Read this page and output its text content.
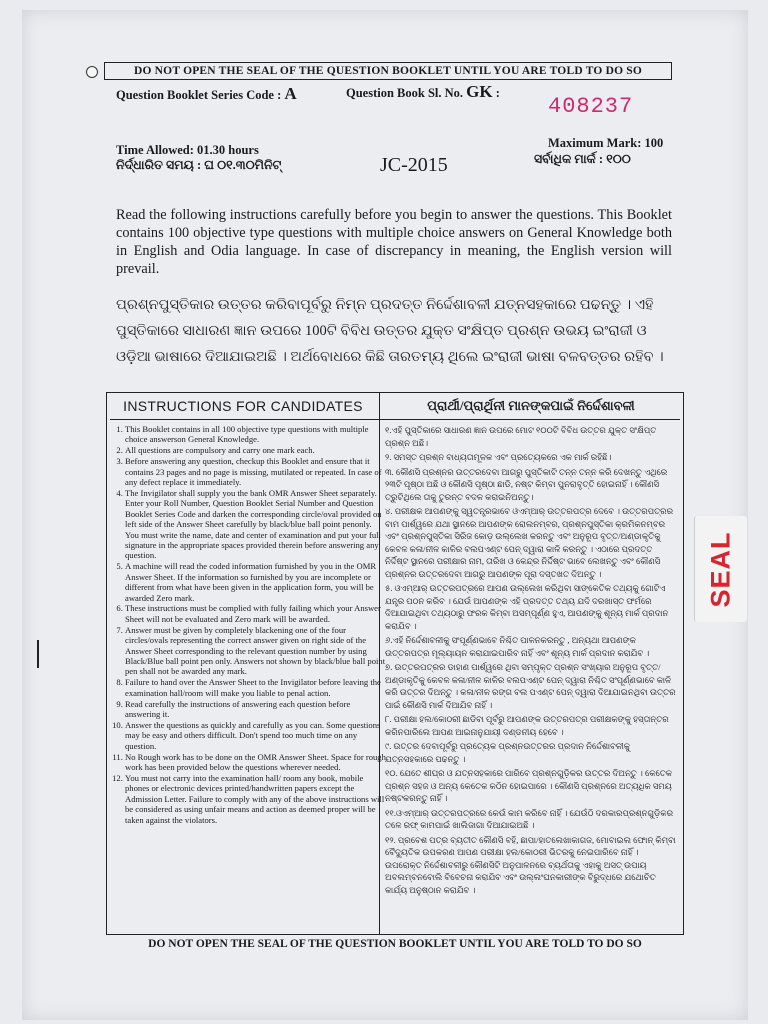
DO NOT OPEN THE SEAL OF THE QUESTION BOOKLET UNTIL YOU ARE TOLD TO DO SO
Question Booklet Series Code : A	Question Book Sl. No. GK :
408237
Time Allowed: 01.30 hours
ନିର୍ଦ୍ଧାରିତ ସମୟ : ଘ ୦୧.୩୦ମିନିଟ୍	JC-2015
Maximum Mark: 100
ସର୍ବାଧିକ ମାର୍କ : ୧୦୦

Read the following instructions carefully before you begin to answer the questions. This Booklet contains 100 objective type questions with multiple choice answers on General Knowledge both in English and Odia language. In case of discrepancy in meaning, the English version will prevail.

ପ୍ରଶ୍ନପୁସ୍ତିକାର ଉତ୍ତର କରିବାପୂର୍ବରୁ ନିମ୍ନ ପ୍ରଦତ୍ତ ନିର୍ଦ୍ଦେଶାବଳୀ ଯତ୍ନସହକାରେ ପଢନ୍ତୁ । ଏହି ପୁସ୍ତିକାରେ ସାଧାରଣ ଜ୍ଞାନ ଉପରେ 100ଟି ବିବିଧ ଉତ୍ତର ଯୁକ୍ତ ସଂକ୍ଷିପ୍ତ ପ୍ରଶ୍ନ ଉଭୟ ଇଂରାଜୀ ଓ ଓଡ଼ିଆ ଭାଷାରେ ଦିଆଯାଇଅଛି । ଅର୍ଥବୋଧରେ କିଛି ତାରତମ୍ୟ ଥିଲେ ଇଂରାଜୀ ଭାଷା ବଳବତ୍ତର ରହିବ ।

INSTRUCTIONS FOR CANDIDATES	ପ୍ରାର୍ଥୀ/ପ୍ରାର୍ଥିନୀ ମାନଙ୍କପାଇଁ ନିର୍ଦ୍ଦେଶାବଳୀ
1. This Booklet contains in all 100 objective type questions with multiple choice answerson General Knowledge.
2. All questions are compulsory and carry one mark each.
3. Before answering any question, checkup this Booklet and ensure that it contains 23 pages and no page is missing, mutilated or repeated. In case of any defect replace it immediately.
4. The Invigilator shall supply you the bank OMR Answer Sheet separately. Enter your Roll Number, Question Booklet Serial Number and Question Booklet Series Code and darken the corresponding circle/oval provided on left side of the Answer Sheet carefully by black/blue ball point penonly. You must write the name, date and center of examination and put your full signature in the appropriate spaces provided therein before answering any question.
5. A machine will read the coded information furnished by you in the OMR Answer Sheet. If the information so furnished by you are incomplete or different from what have been given in the application form, you will be awarded Zero mark.
6. These instructions must be complied with fully failing which your Answer Sheet will not be evaluated and Zero mark will be awarded.
7. Answer must be given by completely blackening one of the four circles/ovals representing the correct answer given on right side of the Answer Sheet corresponding to the relevant question number by using Black/Blue ball point pen only. Answers not shown by black/blue ball point pen shall not be awarded any mark.
8. Failure to hand over the Answer Sheet to the Invigilator before leaving the examination hall/room will make you liable to penal action.
9. Read carefully the instructions of answering each question before answering it.
10. Answer the questions as quickly and carefully as you can. Some questions may be easy and others difficult. Don't spend too much time on any question.
11. No Rough work has to be done on the OMR Answer Sheet. Space for rough work has been provided below the questions wherever needed.
12. You must not carry into the examination hall/ room any book, mobile phones or electronic devices printed/handwritten papers except the Admission Letter. Failure to comply with any of the above instructions will be considered as using unfair means and action as deemed proper will be taken against the violators.
୧.ଏହି ପୁସ୍ତିକାରେ ସାଧାରଣ ଜ୍ଞାନ ଉପରେ ମୋଟ ୧୦୦ଟି ବିବିଧ ଉତ୍ତର ଯୁକ୍ତ ସଂକ୍ଷିପ୍ତ ପ୍ରଶ୍ନ ଅଛି।
୨. ସମସ୍ତ ପ୍ରଶ୍ନ ବାଧ୍ୟତାମୂଳକ ଏବଂ ପ୍ରତ୍ୟେକରେ ଏକ ମାର୍କ ରହିଛି।
୩. କୌଣସି ପ୍ରଶ୍ନର ଉତ୍ତରଦେବା ଆଗରୁ ପୁସ୍ତିକାଟି ତନ୍ନ ତନ୍ନ କରି ଦେଖନ୍ତୁ ଏଥିରେ ୨୩ଟି ପୃଷ୍ଠା ଅଛି ଓ କୌଣସି ପୃଷ୍ଠା ଛାଡି, ନଷ୍ଟ କିମ୍ବା ପୁନରାବୃତ୍ତି ହୋଇନାହିଁ । କୌଣସି ତ୍ରୁଟିଥିଲେ ତାକୁ ତୁରନ୍ତ ବଦଳ କରାଇନିଅନ୍ତୁ।
୪. ପରୀକ୍ଷକ ଆପଣଙ୍କୁ ସ୍ୱତନ୍ତ୍ରଭାବେ ଓଏମ୍‌ଆର୍ ଉତ୍ତରପତ୍ର ଦେବେ । ଉତ୍ତରପତ୍ରର ବାମ ପାର୍ଶ୍ୱରେ ଯଥା ସ୍ଥାନରେ ଆପଣଙ୍କ ରୋଲନମ୍ବର, ପ୍ରଶ୍ନପୁସ୍ତିକା କ୍ରମିକନମ୍ବର ଏବଂ ପ୍ରଶ୍ନପୁସ୍ତିକା ସିରିଜ କୋଡ଼ ଉଲ୍ଲେଖ କରନ୍ତୁ ଏବଂ ଅନୁରୂପ ବୃତ୍ତ/ଅଣ୍ଡାକୃତିକୁ କେବଳ କଳା/ନୀଳ କାଳିର ବଲପଏଣ୍ଟ ପେନ୍ ଦ୍ୱାରା କାଳି କରନ୍ତୁ । ଏଠାରେ ପ୍ରଦତ୍ତ ନିର୍ଦ୍ଦିଷ୍ଟ ସ୍ଥାନରେ ପରୀକ୍ଷାର ନାମ, ତାରିଖ ଓ କେନ୍ଦ୍ର ନିର୍ଦ୍ଦିଷ୍ଟ ଭାବେ ଲେଖନ୍ତୁ ଏବଂ କୌଣସି ପ୍ରଶ୍ନର ଉତ୍ତରଦେବା ଆଗରୁ ଆପଣଙ୍କ ପୂରା ଦସ୍ତଖତ ଦିଅନ୍ତୁ ।
୫. ଓଏମ୍‌ଆର୍ ଉତ୍ତରପତ୍ରରେ ଆପଣ ଉଲ୍ଲେଖ କରିଥିବା ସାଙ୍କେତିକ ତଥ୍ୟକୁ ଗୋଟିଏ ଯନ୍ତ୍ର ପଠନ କରିବ । ଯେଉଁ ଆପଣଙ୍କ ଏହି ପ୍ରଦତ୍ତ ତଥ୍ୟ ଯଦି ଦରଖାସ୍ତ ଫର୍ମରେ ଦିଆଯାଇଥିବା ତଥ୍ୟଠାରୁ ଫରକ କିମ୍ବା ଅସମ୍ପୂର୍ଣ୍ଣ ହୁଏ, ଆପଣଙ୍କୁ ଶୂନ୍ୟ ମାର୍କ ପ୍ରଦାନ କରାଯିବ ।
୬.ଏହି ନିର୍ଦ୍ଦେଶାବଳୀକୁ ସଂପୂର୍ଣ୍ଣଭାବେ ନିଶ୍ଚିତ ପାଳନକରନ୍ତୁ , ଅନ୍ୟଥା ଆପଣଙ୍କ ଉତ୍ତରପତ୍ର ମୂଲ୍ୟାୟନ କରାଯାଇପାରିବ ନାହିଁ ଏବଂ ଶୂନ୍ୟ ମାର୍କ ପ୍ରଦାନ କରାଯିବ ।
୭. ଉତ୍ତରପତ୍ରର ଡାହାଣ ପାର୍ଶ୍ୱରେ ଥିବା ସମ୍ପୃକ୍ତ ପ୍ରଶ୍ନ ସଂଖ୍ୟାର ଅନୁରୂପ ବୃତ୍ତ/ଅଣ୍ଡାକୃତିକୁ କେବଳ କଳା/ନୀଳ କାଳିର ବଲପଏଣ୍ଟ ପେନ୍ ଦ୍ୱାରା ନିଶ୍ଚିତ ସଂପୂର୍ଣ୍ଣଭାବେ କାଳି କରି ଉତ୍ତର ଦିଅନ୍ତୁ । କଳା/ନୀଳ ରଙ୍ଗ ବଲ ପଏଣ୍ଟ ପେନ୍ ଦ୍ୱାରା ଦିଆଯାଇନଥିବା ଉତ୍ତର ପାଇଁ କୌଣସି ମାର୍କ ଦିଆଯିବ ନାହିଁ ।
୮. ପରୀକ୍ଷା ହଲ/କୋଠରୀ ଛାଡିବା ପୂର୍ବରୁ ଆପଣଙ୍କ ଉତ୍ତରପତ୍ର ପରୀକ୍ଷକଙ୍କୁ ହସ୍ତାନ୍ତର କରିନପାରିଲେ ଆପଣ ଆଇନାନୁଯାୟୀ ଦଣ୍ଡନୀୟ ହେବେ ।
୯. ଉତ୍ତର ଦେବାପୂର୍ବରୁ ପ୍ରତ୍ୟେକ ପ୍ରଶ୍ନଉତ୍ତରର ପ୍ରଦାନ ନିର୍ଦ୍ଦେଶାବଳୀକୁ ଯତ୍ନସହକାରେ ପଢନ୍ତୁ ।
୧୦. ଯେତେ ଶୀଘ୍ର ଓ ଯତ୍ନସହକାରେ ପାରିବେ ପ୍ରଶ୍ନଗୁଡ଼ିକର ଉତ୍ତର ଦିଅନ୍ତୁ । କେତେକ ପ୍ରଶ୍ନ ସହଜ ଓ ଅନ୍ୟ କେତେକ କଠିନ ହୋଇପାରେ । କୌଣସି ପ୍ରଶ୍ନରେ ଅତ୍ୟଧିକ ସମୟ ନଷ୍ଟକରନ୍ତୁ ନାହିଁ ।
୧୧.ଓଏମ୍‌ଆର୍ ଉତ୍ତରପତ୍ରରେ କେଉଁ କାମ କରିବେ ନାହିଁ । ଯେଉଁଠି ଦରକାରପ୍ରଶ୍ନଗୁଡ଼ିକର ତଳେ ରଫ୍ କାମପାଇଁ ଖାଲିଜାଗା ଦିଆଯାଇଅଛି ।
୧୨. ପ୍ରବେଶ ପତ୍ର ବ୍ୟତୀତ କୌଣସି ବହି, ଛାପା/ହାତଲେଖାକାଗଜ, ମୋବାଇଲ ଫୋନ୍ କିମ୍ବା ବୈଦ୍ୟୁତିକ ଉପକରଣ ଆପଣ ପରୀକ୍ଷା ହଲ/କୋଠରୀ ଭିତରକୁ ନେଇପାରିବେ ନାହିଁ । ଉପରୋକ୍ତ ନିର୍ଦ୍ଦେଶାବଳୀରୁ କୌଣସିଟି ଅନୁପାଳନରେ ବ୍ୟର୍ଥତାକୁ ଏହାକୁ ଅସତ୍ ଉପାୟ ଅବଲମ୍ବନବୋଲି ବିବେଚନା କରାଯିବ ଏବଂ ଉଲ୍ଲଂଘନକାରୀଙ୍କ ବିରୁଦ୍ଧରେ ଯଥୋଚିତ କାର୍ଯ୍ୟ ଅନୁଷ୍ଠାନ କରାଯିବ ।
DO NOT OPEN THE SEAL OF THE QUESTION BOOKLET UNTIL YOU ARE TOLD TO DO SO
SEAL
